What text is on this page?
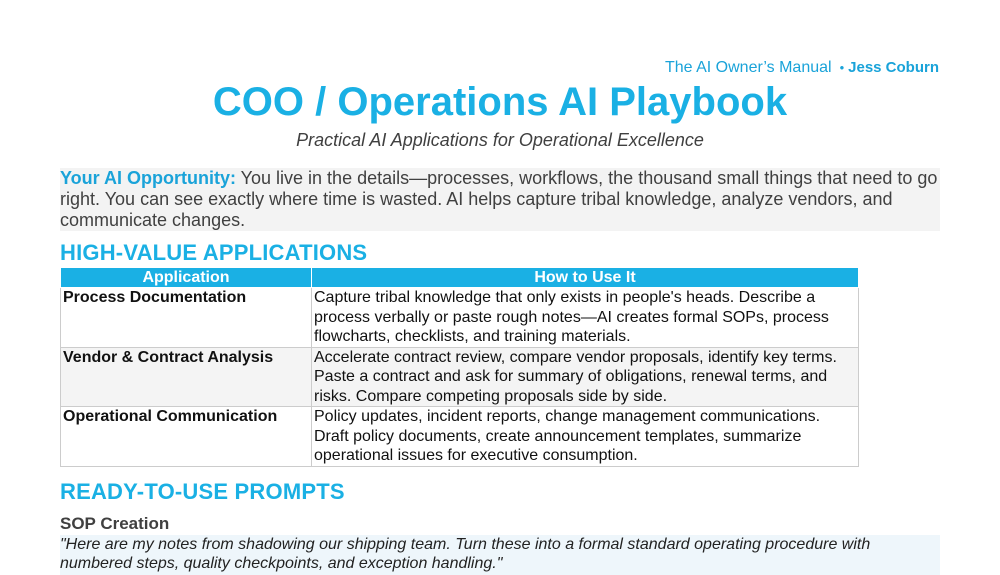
The AI Owner’s Manual • Jess Coburn
COO / Operations AI Playbook
Practical AI Applications for Operational Excellence
Your AI Opportunity: You live in the details—processes, workflows, the thousand small things that need to go right. You can see exactly where time is wasted. AI helps capture tribal knowledge, analyze vendors, and communicate changes.
HIGH-VALUE APPLICATIONS
Application	How to Use It
Process Documentation	Capture tribal knowledge that only exists in people's heads. Describe a process verbally or paste rough notes—AI creates formal SOPs, process flowcharts, checklists, and training materials.
Vendor & Contract Analysis	Accelerate contract review, compare vendor proposals, identify key terms. Paste a contract and ask for summary of obligations, renewal terms, and risks. Compare competing proposals side by side.
Operational Communication	Policy updates, incident reports, change management communications. Draft policy documents, create announcement templates, summarize operational issues for executive consumption.
READY-TO-USE PROMPTS
SOP Creation
"Here are my notes from shadowing our shipping team. Turn these into a formal standard operating procedure with numbered steps, quality checkpoints, and exception handling."
